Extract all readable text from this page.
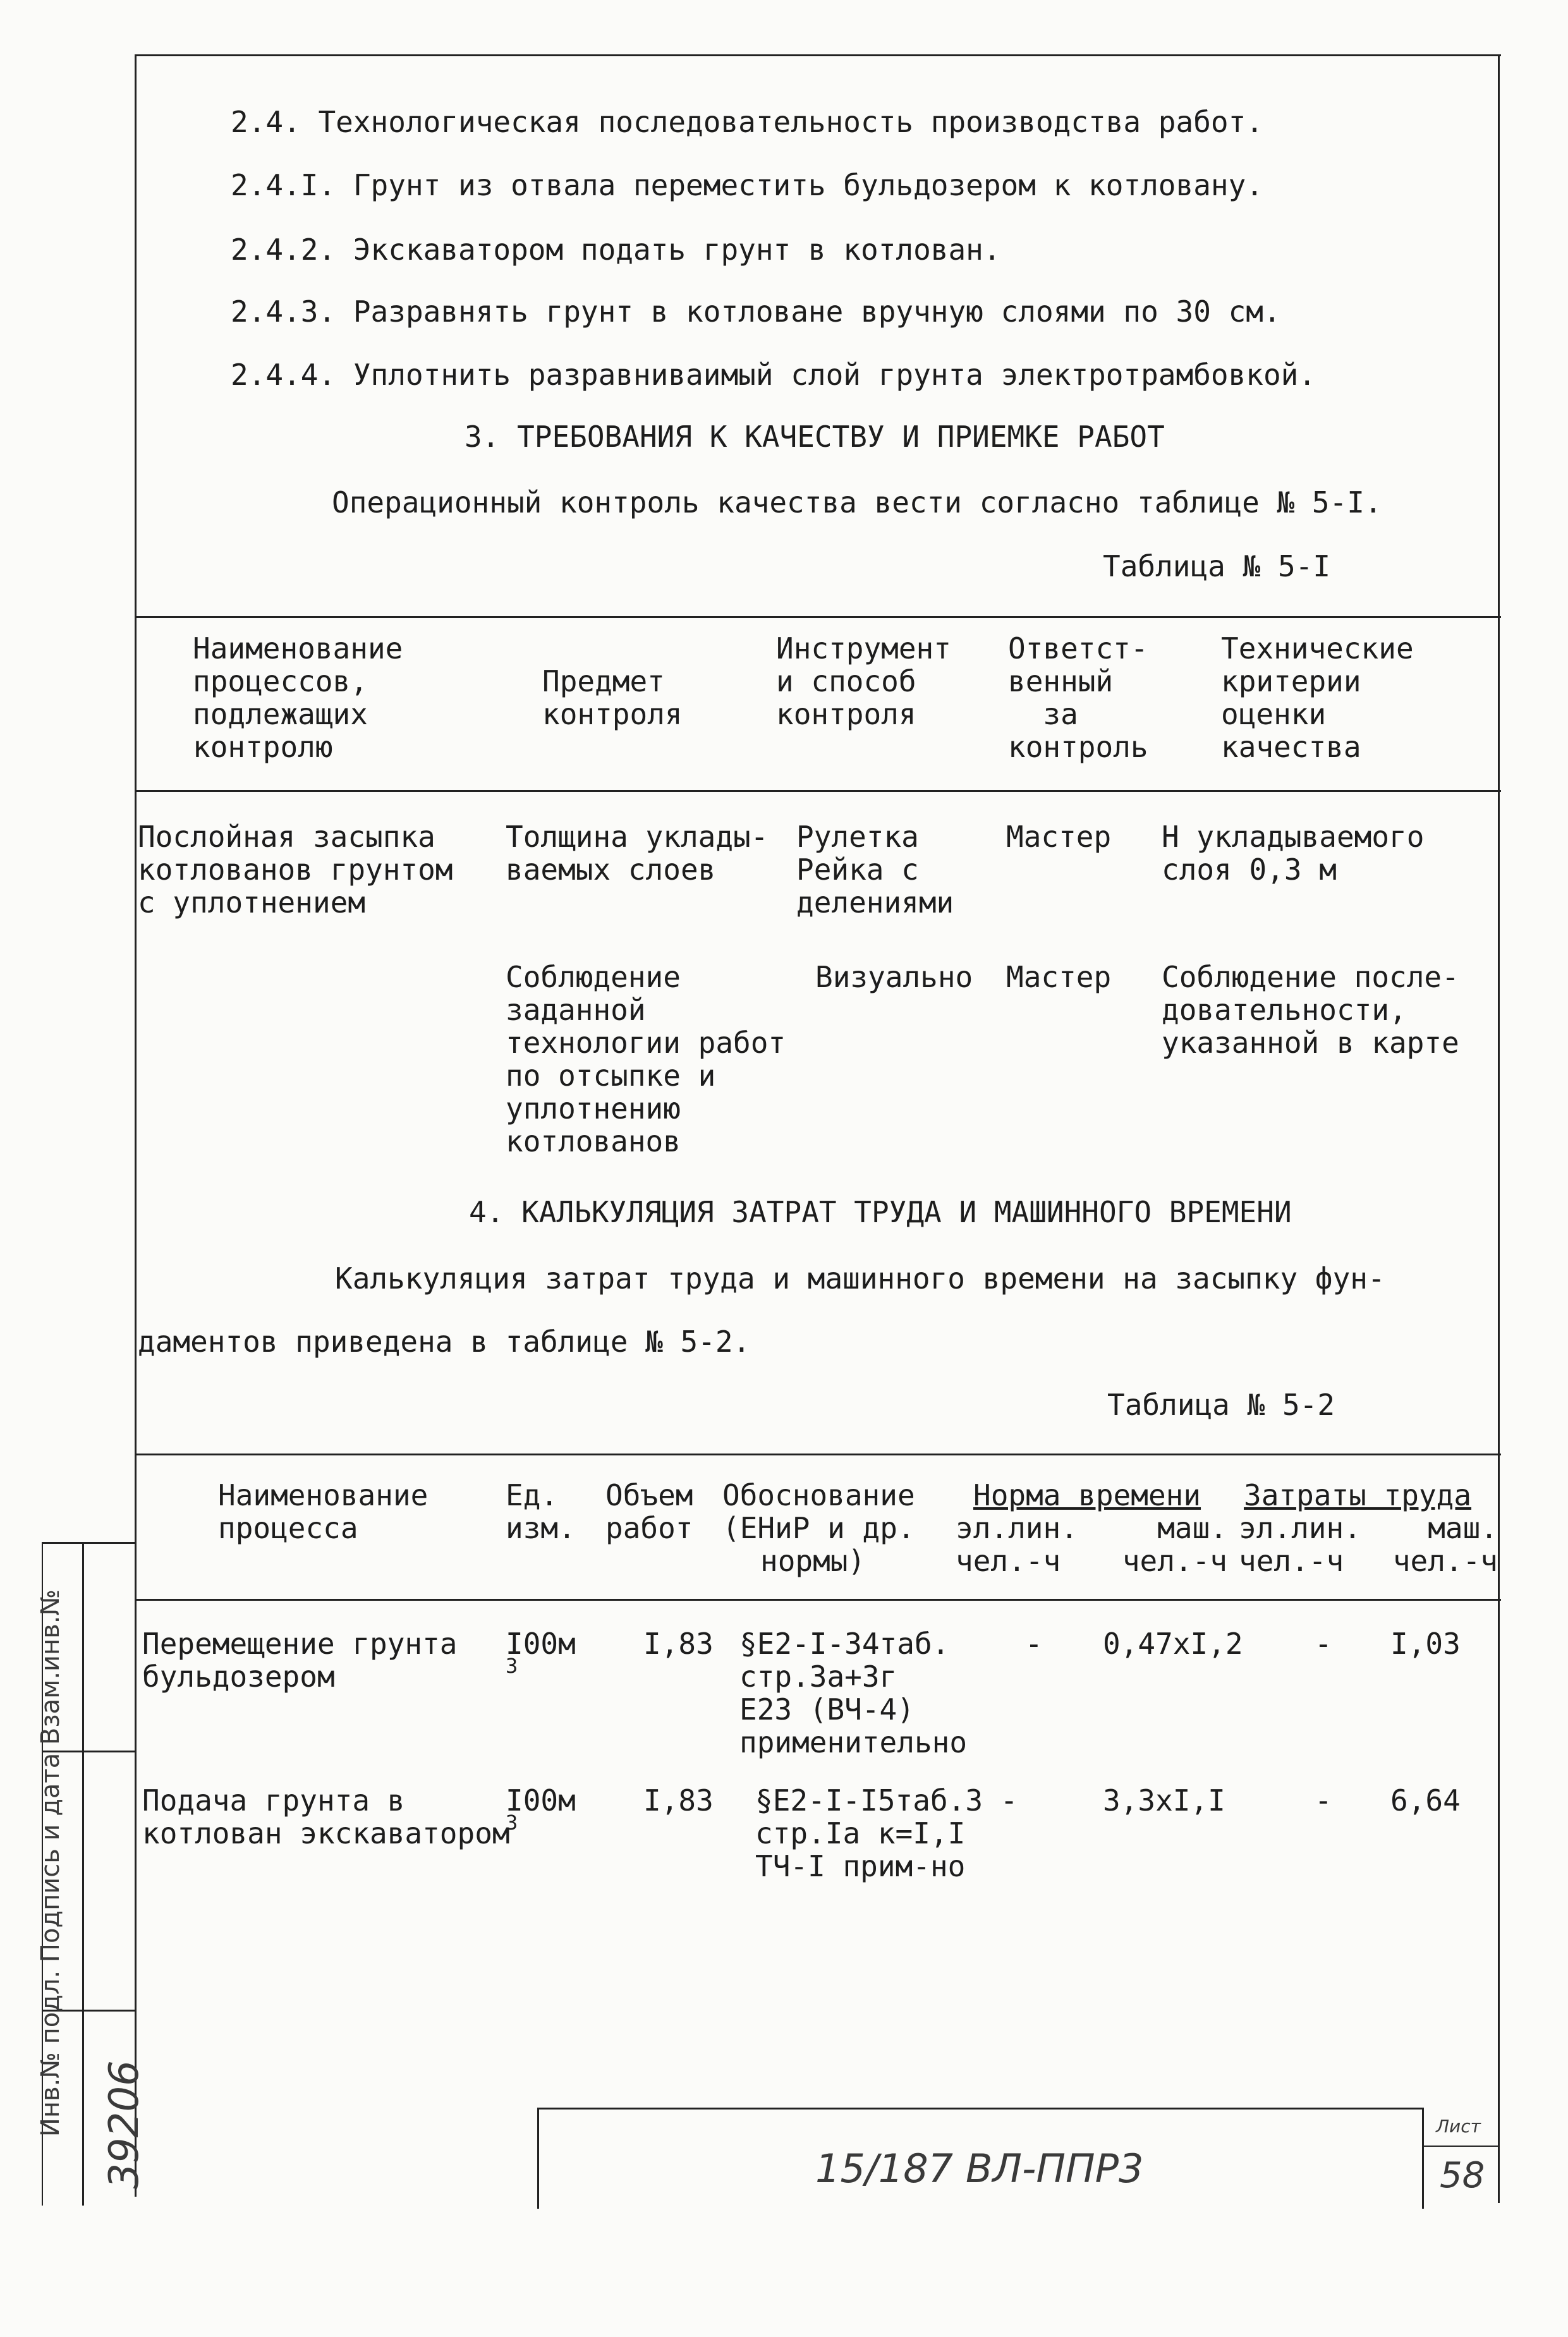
2.4. Технологическая последовательность производства работ.
2.4.I. Грунт из отвала переместить бульдозером к котловану.
2.4.2. Экскаватором подать грунт в котлован.
2.4.3. Разравнять грунт в котловане вручную слоями по 30 см.
2.4.4. Уплотнить разравниваимый слой грунта электротрамбовкой.
3. ТРЕБОВАНИЯ К КАЧЕСТВУ И ПРИЕМКЕ РАБОТ
Операционный контроль качества вести согласно таблице № 5-I.
Таблица № 5-I
Наименование
процессов,
подлежащих
контролю
Предмет
контроля
Инструмент
и способ
контроля
Ответст-
венный
за
контроль
Технические
критерии
оценки
качества
Послойная засыпка
котлованов грунтом
с уплотнением
Толщина уклады-
ваемых слоев
Рулетка
Рейка с
делениями
Мастер Н укладываемого
слоя 0,3 м
Соблюдение
заданной
технологии работ
по отсыпке и
уплотнению
котлованов
Визуально Мастер Соблюдение после-
довательности,
указанной в карте
4. КАЛЬКУЛЯЦИЯ ЗАТРАТ ТРУДА И МАШИННОГО ВРЕМЕНИ
Калькуляция затрат труда и машинного времени на засыпку фун-
даментов приведена в таблице № 5-2.
Таблица № 5-2
Наименование
процесса
Ед.
изм.
Объем
работ
Обоснование
(ЕНиР и др.
нормы)
Норма времени Затраты труда
эл.лин.
чел.-ч
маш.
чел.-ч
эл.лин.
чел.-ч
маш.
чел.-ч
Перемещение грунта
бульдозером
I00м
$^3$
I,83 §Е2-I-34таб.
стр.3а+3г
Е23 (ВЧ-4)
применительно
- 0,47хI,2 - I,03
Подача грунта в
котлован экскаватором
I00м
$^3$
I,83 §Е2-I-I5таб.3 -
стр.Iа к=I,I
ТЧ-I прим-но
3,3хI,I	- 6,64
Инв.№ подл. Подпись и дата Взам.инв.№ 39206	15/187 ВЛ-ППР3
Лист
58
